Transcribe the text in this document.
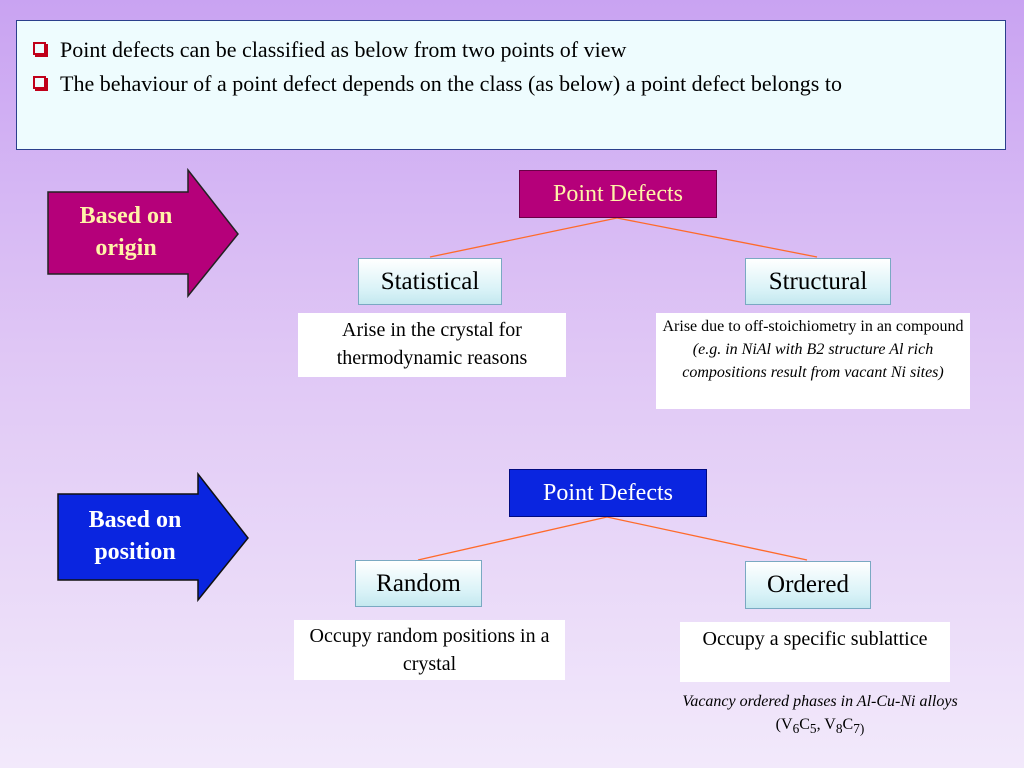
Point defects can be classified as below from two points of view
The behaviour of a point defect depends on the class (as below) a point defect belongs to
Based on
origin
Point Defects
Statistical	Structural
Arise in the crystal for thermodynamic reasons
Arise due to off-stoichiometry in an compound (e.g. in NiAl with B2 structure Al rich compositions result from vacant Ni sites)
Based on
position
Point Defects
Random	Ordered
Occupy random positions in a crystal
Occupy a specific sublattice
Vacancy ordered phases in Al-Cu-Ni alloys ($V_6C_5$, $V_8C_{7)}$
